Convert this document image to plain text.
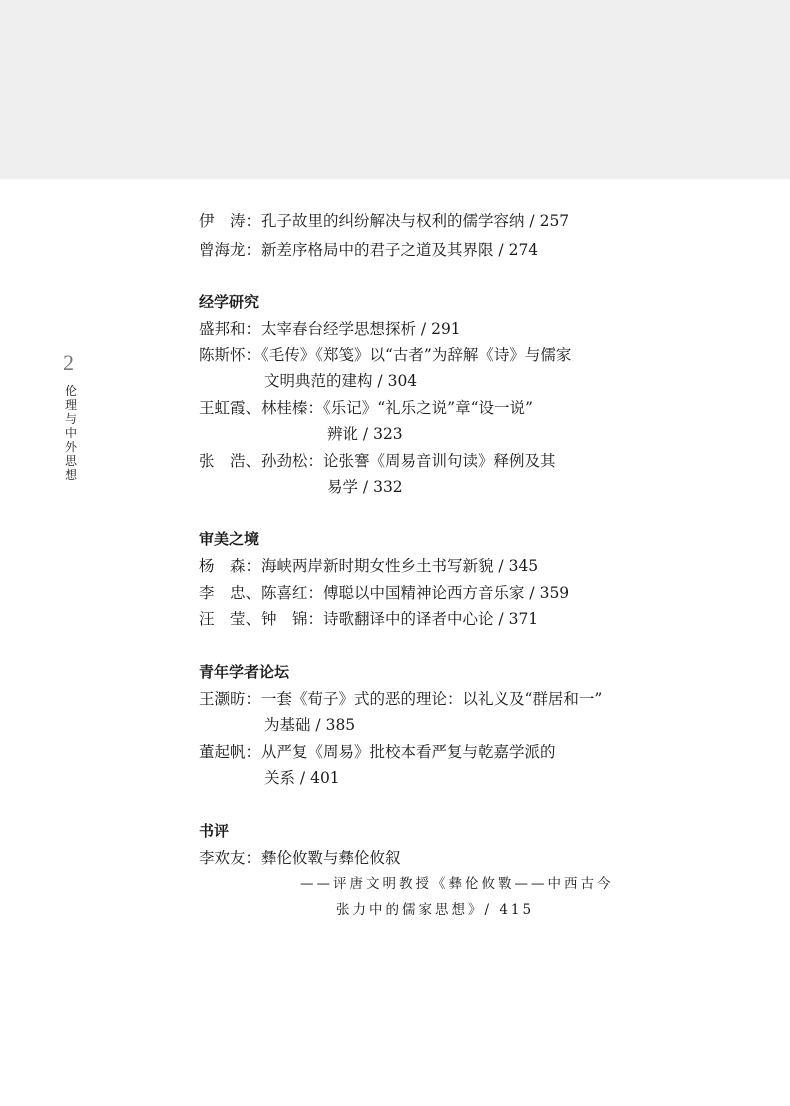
2
伦
理
与
中
外
思
想
经学研究
审美之境
青年学者论坛
书评
伊　涛：孔子故里的纠纷解决与权利的儒学容纳 / 257
曾海龙：新差序格局中的君子之道及其界限 / 274
文明典范的建构 / 304
盛邦和：太宰春台经学思想探析 / 291
陈斯怀：《毛传》《郑笺》以“古者”为辞解《诗》与儒家
王虹霞、林桂榛：《乐记》“礼乐之说”章“设一说”
辨讹 / 323
张　浩、孙劲松：论张謇《周易音训句读》释例及其
易学 / 332
杨　森：海峡两岸新时期女性乡土书写新貌 / 345
李　忠、陈喜红：傅聪以中国精神论西方音乐家 / 359
汪　莹、钟　锦：诗歌翻译中的译者中心论 / 371
王灏昉：一套《荀子》式的恶的理论：以礼义及“群居和一”
为基础 / 385
董起帆：从严复《周易》批校本看严复与乾嘉学派的
关系 / 401
李欢友：彝伦攸斁与彝伦攸叙
——评唐文明教授《彝伦攸斁——中西古今
张力中的儒家思想》/ 415
